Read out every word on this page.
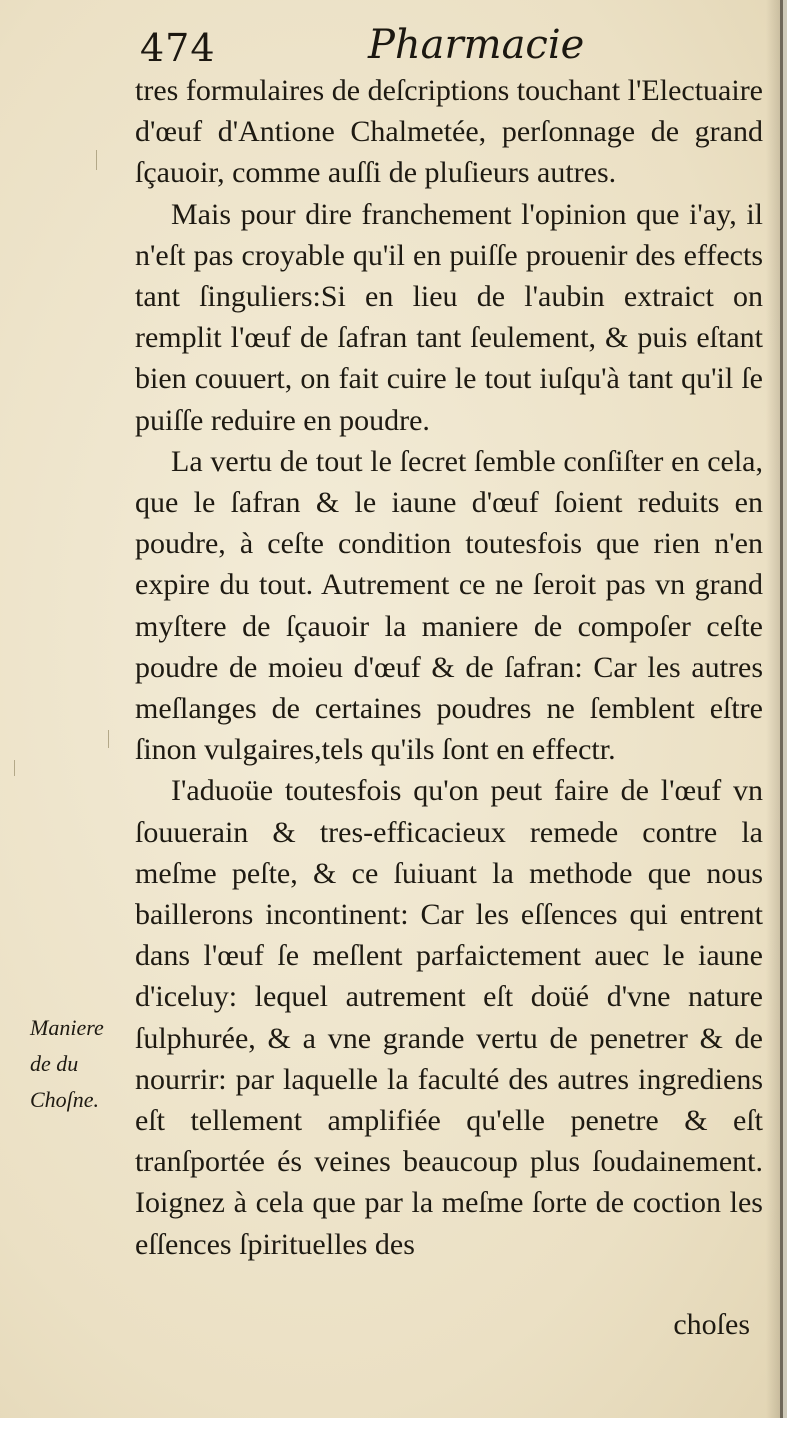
474	Pharmacie

tres formulaires de deſcriptions touchant l'Electuaire d'œuf d'Antione Chalmetée, perſonnage de grand ſçauoir, comme auſſi de pluſieurs autres.

Mais pour dire franchement l'opinion que i'ay, il n'eſt pas croyable qu'il en puiſſe prouenir des effects tant ſinguliers:Si en lieu de l'aubin extraict on remplit l'œuf de ſafran tant ſeulement, & puis eſtant bien couuert, on fait cuire le tout iuſqu'à tant qu'il ſe puiſſe reduire en poudre.

La vertu de tout le ſecret ſemble conſiſter en cela, que le ſafran & le iaune d'œuf ſoient reduits en poudre, à ceſte condition toutesfois que rien n'en expire du tout. Autrement ce ne ſeroit pas vn grand myſtere de ſçauoir la maniere de compoſer ceſte poudre de moieu d'œuf & de ſafran: Car les autres meſlanges de certaines poudres ne ſemblent eſtre ſinon vulgaires,tels qu'ils ſont en effectr.

I'aduoüe toutesfois qu'on peut faire de l'œuf vn ſouuerain & tres-efficacieux remede contre la meſme peſte, & ce ſuiuant la methode que nous baillerons incontinent: Car les eſſences qui entrent dans l'œuf ſe meſlent parfaictement auec le iaune d'iceluy: lequel autrement eſt doüé d'vne nature ſulphurée, & a vne grande vertu de penetrer & de nourrir: par laquelle la faculté des autres ingrediens eſt tellement amplifiée qu'elle penetre & eſt tranſportée és veines beaucoup plus ſoudainement. Ioignez à cela que par la meſme ſorte de coction les eſſences ſpirituelles des

Maniere
de du
Choſne.
choſes
